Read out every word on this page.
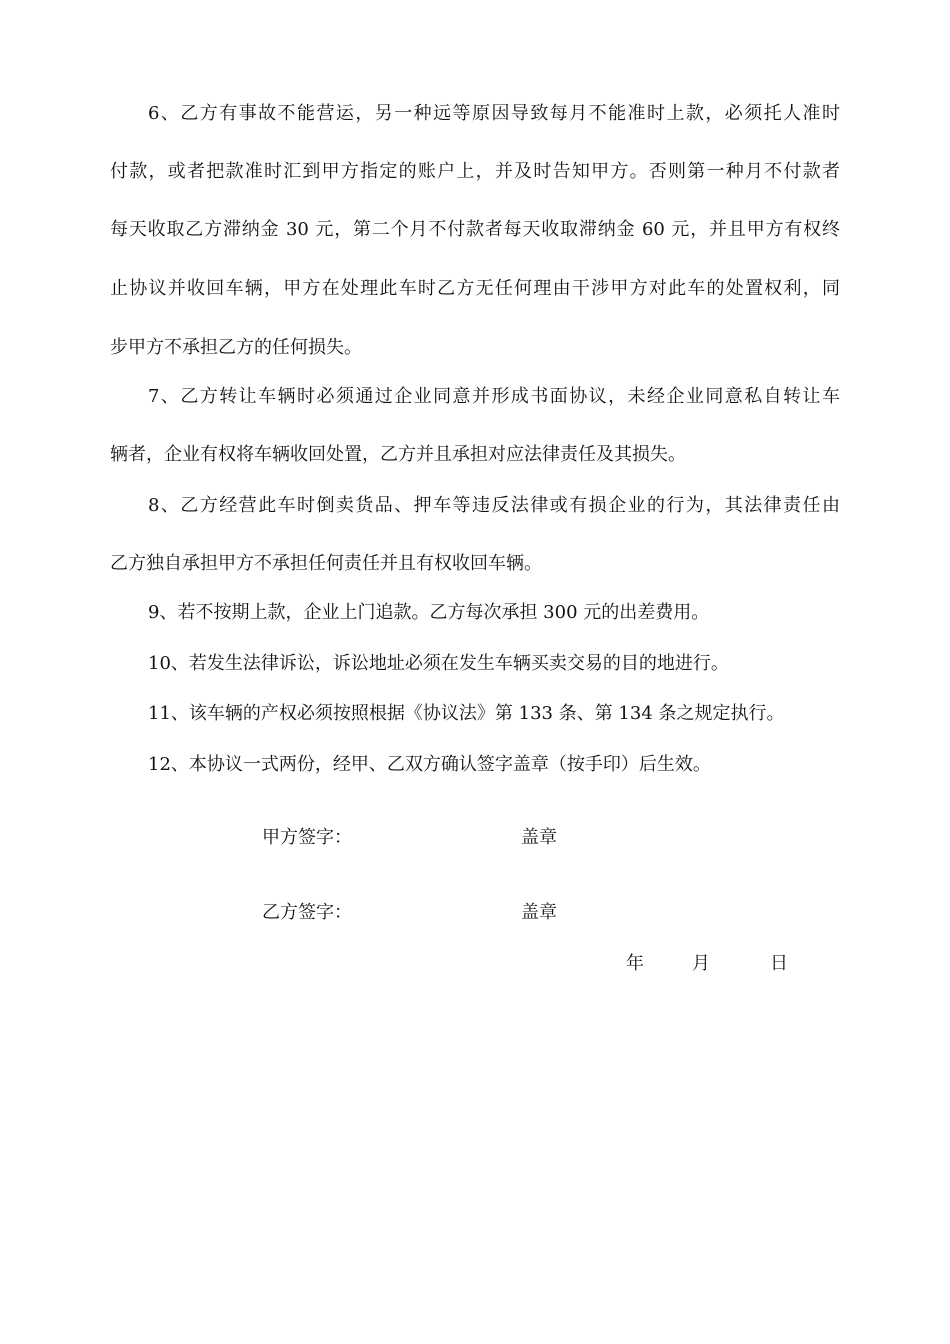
6、乙方有事故不能营运，另一种远等原因导致每月不能准时上款，必须托人准时
付款，或者把款准时汇到甲方指定的账户上，并及时告知甲方。否则第一种月不付款者
每天收取乙方滞纳金 30 元，第二个月不付款者每天收取滞纳金 60 元，并且甲方有权终
止协议并收回车辆，甲方在处理此车时乙方无任何理由干涉甲方对此车的处置权利，同
步甲方不承担乙方的任何损失。
7、乙方转让车辆时必须通过企业同意并形成书面协议，未经企业同意私自转让车
辆者，企业有权将车辆收回处置，乙方并且承担对应法律责任及其损失。
8、乙方经营此车时倒卖货品、押车等违反法律或有损企业的行为，其法律责任由
乙方独自承担甲方不承担任何责任并且有权收回车辆。
9、若不按期上款，企业上门追款。乙方每次承担 300 元的出差费用。
10、若发生法律诉讼，诉讼地址必须在发生车辆买卖交易的目的地进行。
11、该车辆的产权必须按照根据《协议法》第 133 条、第 134 条之规定执行。
12、本协议一式两份，经甲、乙双方确认签字盖章（按手印）后生效。
甲方签字：	盖章
乙方签字：	盖章
年	月	日
